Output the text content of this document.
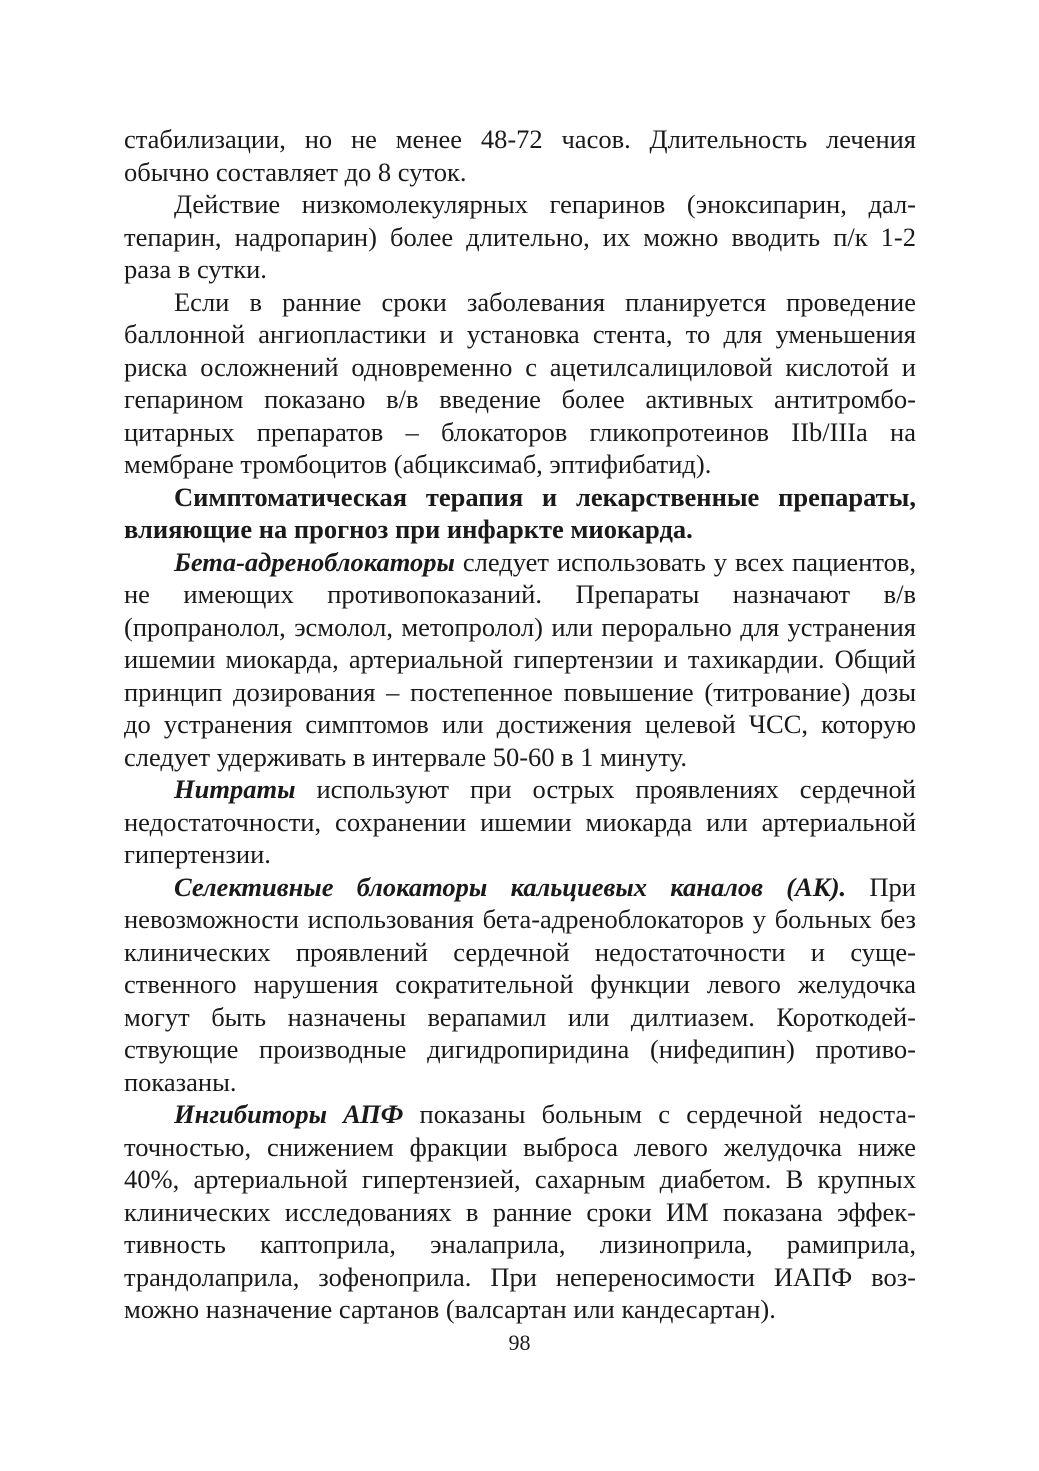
стабилизации, но не менее 48-72 часов. Длительность лечения обычно составляет до 8 суток.

Действие низкомолекулярных гепаринов (эноксипарин, далтепарин, надропарин) более длительно, их можно вводить п/к 1-2 раза в сутки.

Если в ранние сроки заболевания планируется проведение баллонной ангиопластики и установка стента, то для уменьшения риска осложнений одновременно с ацетилсалициловой кислотой и гепарином показано в/в введение более активных антитромбоцитарных препаратов – блокаторов гликопротеинов IIb/IIIa на мембране тромбоцитов (абциксимаб, эптифибатид).

Симптоматическая терапия и лекарственные препараты, влияющие на прогноз при инфаркте миокарда.

Бета-адреноблокаторы следует использовать у всех пациентов, не имеющих противопоказаний. Препараты назначают в/в (пропранолол, эсмолол, метопролол) или перорально для устранения ишемии миокарда, артериальной гипертензии и тахикардии. Общий принцип дозирования – постепенное повышение (титрование) дозы до устранения симптомов или достижения целевой ЧСС, которую следует удерживать в интервале 50-60 в 1 минуту.

Нитраты используют при острых проявлениях сердечной недостаточности, сохранении ишемии миокарда или артериальной гипертензии.

Селективные блокаторы кальциевых каналов (АК). При невозможности использования бета-адреноблокаторов у больных без клинических проявлений сердечной недостаточности и существенного нарушения сократительной функции левого желудочка могут быть назначены верапамил или дилтиазем. Короткодействующие производные дигидропиридина (нифедипин) противопоказаны.

Ингибиторы АПФ показаны больным с сердечной недостаточностью, снижением фракции выброса левого желудочка ниже 40%, артериальной гипертензией, сахарным диабетом. В крупных клинических исследованиях в ранние сроки ИМ показана эффективность каптоприла, эналаприла, лизиноприла, рамиприла, трандолаприла, зофеноприла. При непереносимости ИАПФ возможно назначение сартанов (валсартан или кандесартан).

98
